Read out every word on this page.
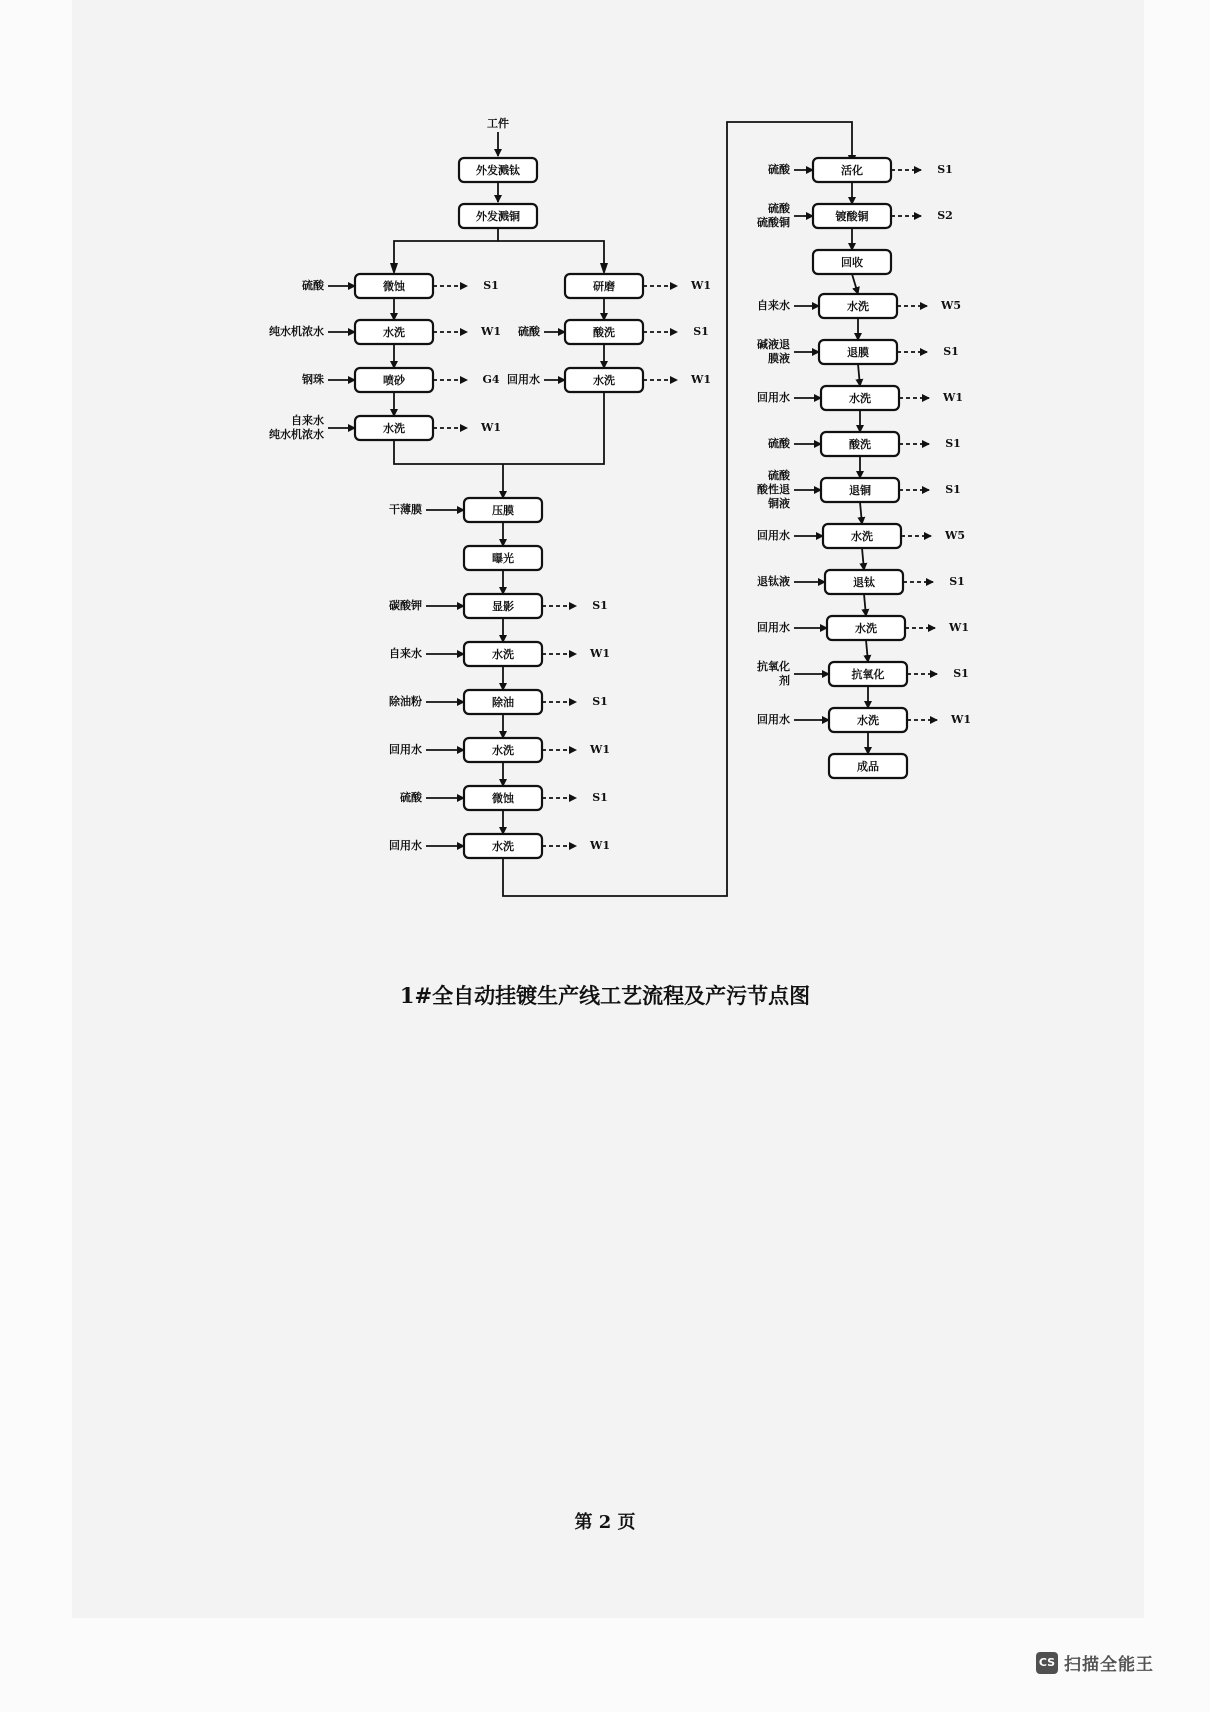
工件
外发溅钛
外发溅铜
微蚀
硫酸	S1
水洗
纯水机浓水	W1
喷砂
钢珠	G4
水洗
自来水
纯水机浓水
W1
研磨	W1
酸洗
硫酸	S1
水洗
回用水	W1
压膜
干薄膜
曝光
显影
碳酸钾	S1
水洗
自来水	W1
除油
除油粉	S1
水洗
回用水	W1
微蚀
硫酸	S1
水洗
回用水	W1
活化
硫酸	S1
镀酸铜
硫酸
硫酸铜
S2
回收
水洗
自来水	W5
退膜
碱液退
膜液
S1
水洗
回用水	W1
酸洗
硫酸	S1
退铜
硫酸
酸性退
铜液
S1
水洗
回用水	W5
退钛
退钛液	S1
水洗
回用水	W1
抗氧化
抗氧化
剂
S1
水洗
回用水	W1
成品
1#全自动挂镀生产线工艺流程及产污节点图
第 2 页
CS 扫描全能王
